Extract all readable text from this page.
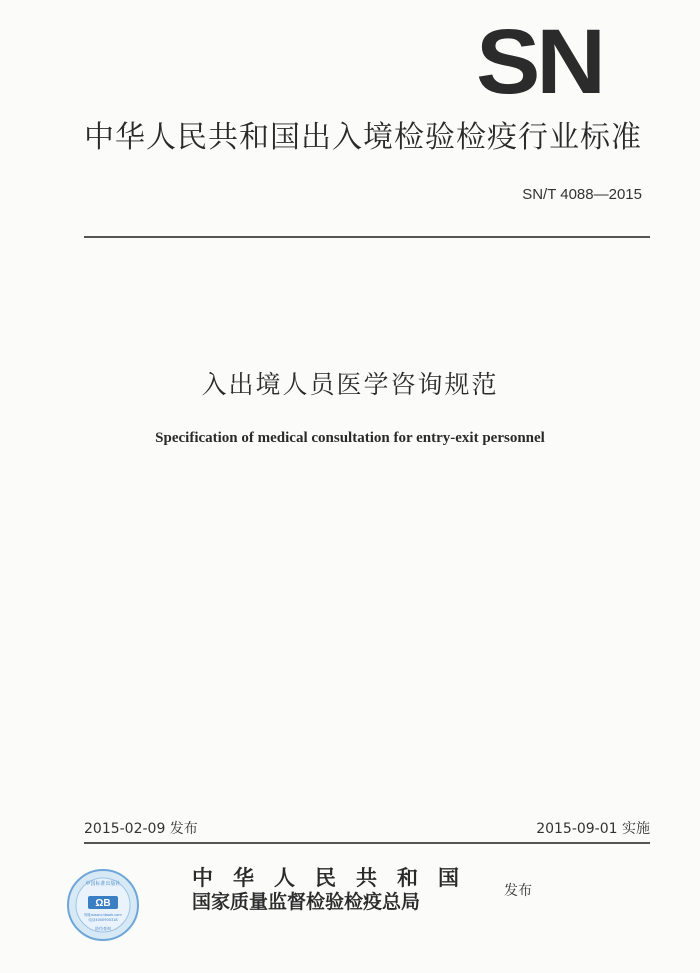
SN
中华人民共和国出入境检验检疫行业标准
SN/T 4088—2015
入出境人员医学咨询规范
Specification of medical consultation for entry-exit personnel
2015-02-09 发布	2015-09-01 实施
中国标准出版社
ΩB
网址www.cnbook.com
电话4000900318
防伪查询
中华人民共和国
国家质量监督检验检疫总局	发布
